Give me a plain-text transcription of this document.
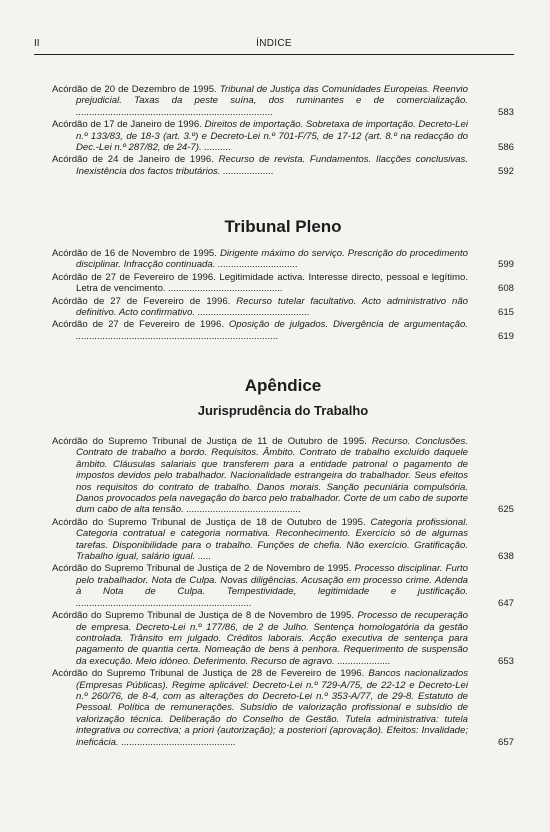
II	ÍNDICE
Acórdão de 20 de Dezembro de 1995. Tribunal de Justiça das Comunidades Europeias. Reenvio prejudicial. Taxas da peste suína, dos ruminantes e de comercialização. ..........................................................................	583
Acórdão de 17 de Janeiro de 1996. Direitos de importação. Sobretaxa de importação. Decreto-Lei n.º 133/83, de 18-3 (art. 3.º) e Decreto-Lei n.º 701-F/75, de 17-12 (art. 8.º na redacção do Dec.-Lei n.º 287/82, de 24-7). ..........	586
Acórdão de 24 de Janeiro de 1996. Recurso de revista. Fundamentos. Ilacções conclusivas. Inexistência dos factos tributários. ...................	592
Tribunal Pleno
Acórdão de 16 de Novembro de 1995. Dirigente máximo do serviço. Prescrição do procedimento disciplinar. Infracção continuada. ..............................	599
Acórdão de 27 de Fevereiro de 1996. Legitimidade activa. Interesse directo, pessoal e legítimo. Letra de vencimento. ...........................................	608
Acórdão de 27 de Fevereiro de 1996. Recurso tutelar facultativo. Acto administrativo não definitivo. Acto confirmativo. ..........................................	615
Acórdão de 27 de Fevereiro de 1996. Oposição de julgados. Divergência de argumentação. ............................................................................	619
Apêndice
Jurisprudência do Trabalho
Acórdão do Supremo Tribunal de Justiça de 11 de Outubro de 1995. Recurso. Conclusões. Contrato de trabalho a bordo. Requisitos. Âmbito. Contrato de trabalho excluído daquele âmbito. Cláusulas salariais que transferem para a entidade patronal o pagamento de impostos devidos pelo trabalhador. Nacionalidade estrangeira do trabalhador. Seus efeitos nos requisitos do contrato de trabalho. Danos morais. Sanção pecuniária compulsória. Danos provocados pela navegação do barco pelo trabalhador. Corte de um cabo de suporte dum cabo de alta tensão. ...........................................	625
Acórdão do Supremo Tribunal de Justiça de 18 de Outubro de 1995. Categoria profissional. Categoria contratual e categoria normativa. Reconhecimento. Exercício só de algumas tarefas. Disponibilidade para o trabalho. Funções de chefia. Não exercício. Gratificação. Trabalho igual, salário igual. .....	638
Acórdão do Supremo Tribunal de Justiça de 2 de Novembro de 1995. Processo disciplinar. Furto pelo trabalhador. Nota de Culpa. Novas diligências. Acusação em processo crime. Adenda à Nota de Culpa. Tempestividade, legitimidade e justificação. ..................................................................	647
Acórdão do Supremo Tribunal de Justiça de 8 de Novembro de 1995. Processo de recuperação de empresa. Decreto-Lei n.º 177/86, de 2 de Julho. Sentença homologatória da gestão controlada. Trânsito em julgado. Créditos laborais. Acção executiva de sentença para pagamento de quantia certa. Nomeação de bens à penhora. Requerimento de suspensão da execução. Meio idóneo. Deferimento. Recurso de agravo. ....................	653
Acórdão do Supremo Tribunal de Justiça de 28 de Fevereiro de 1996. Bancos nacionalizados (Empresas Públicas). Regime aplicável: Decreto-Lei n.º 729-A/75, de 22-12 e Decreto-Lei n.º 260/76, de 8-4, com as alterações do Decreto-Lei n.º 353-A/77, de 29-8. Estatuto de Pessoal. Política de remunerações. Subsídio de valorização profissional e subsídio de valorização técnica. Deliberação do Conselho de Gestão. Tutela administrativa: tutela integrativa ou correctiva; a priori (autorização); a posteriori (aprovação). Efeitos: Invalidade; ineficácia. ...........................................	657
